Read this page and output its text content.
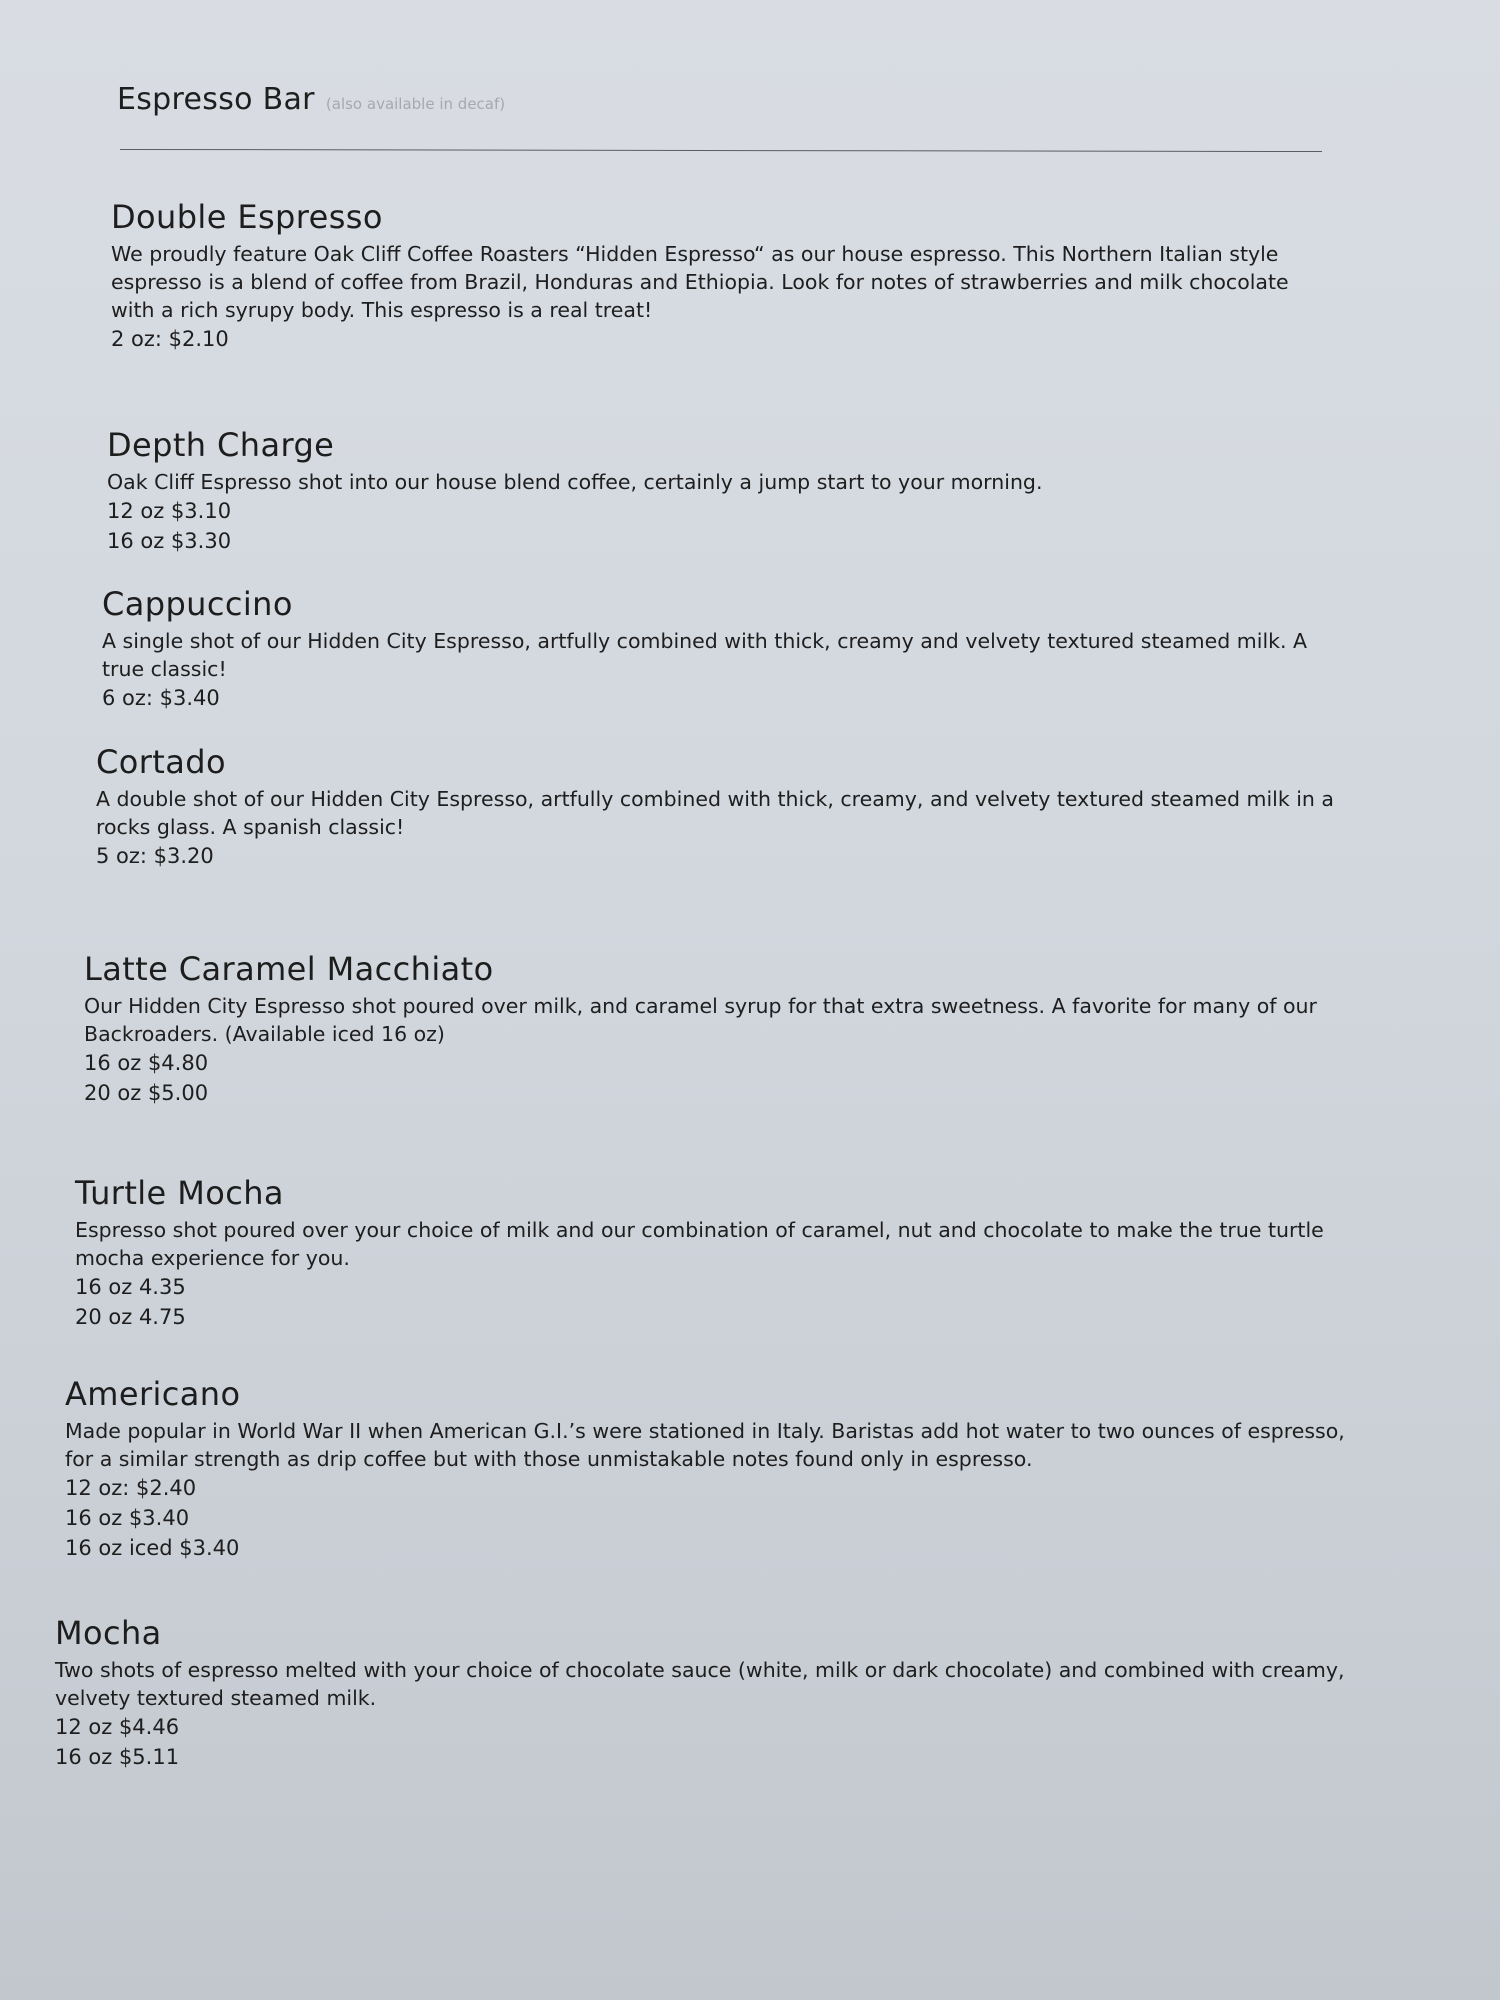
Espresso Bar (also available in decaf)
Double Espresso
We proudly feature Oak Cliff Coffee Roasters “Hidden Espresso“ as our house espresso. This Northern Italian style espresso is a blend of coffee from Brazil, Honduras and Ethiopia. Look for notes of strawberries and milk chocolate with a rich syrupy body. This espresso is a real treat!
2 oz: $2.10
Depth Charge
Oak Cliff Espresso shot into our house blend coffee, certainly a jump start to your morning.
12 oz $3.10
16 oz $3.30
Cappuccino
A single shot of our Hidden City Espresso, artfully combined with thick, creamy and velvety textured steamed milk. A true classic!
6 oz: $3.40
Cortado
A double shot of our Hidden City Espresso, artfully combined with thick, creamy, and velvety textured steamed milk in a rocks glass. A spanish classic!
5 oz: $3.20
Latte Caramel Macchiato
Our Hidden City Espresso shot poured over milk, and caramel syrup for that extra sweetness. A favorite for many of our Backroaders. (Available iced 16 oz)
16 oz $4.80
20 oz $5.00
Turtle Mocha
Espresso shot poured over your choice of milk and our combination of caramel, nut and chocolate to make the true turtle mocha experience for you.
16 oz 4.35
20 oz 4.75
Americano
Made popular in World War II when American G.I.’s were stationed in Italy. Baristas add hot water to two ounces of espresso, for a similar strength as drip coffee but with those unmistakable notes found only in espresso.
12 oz: $2.40
16 oz $3.40
16 oz iced $3.40
Mocha
Two shots of espresso melted with your choice of chocolate sauce (white, milk or dark chocolate) and combined with creamy, velvety textured steamed milk.
12 oz $4.46
16 oz $5.11
